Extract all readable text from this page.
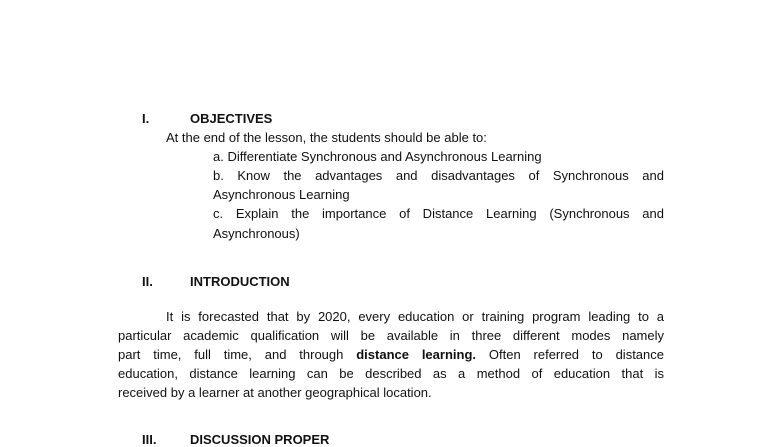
I.	OBJECTIVES
At the end of the lesson, the students should be able to:
a. Differentiate Synchronous and Asynchronous Learning
b. Know the advantages and disadvantages of Synchronous and
Asynchronous Learning
c. Explain the importance of Distance Learning (Synchronous and
Asynchronous)
II.	INTRODUCTION
It is forecasted that by 2020, every education or training program leading to a
particular academic qualification will be available in three different modes namely
part time, full time, and through distance learning. Often referred to distance
education, distance learning can be described as a method of education that is
received by a learner at another geographical location.
III.	DISCUSSION PROPER
